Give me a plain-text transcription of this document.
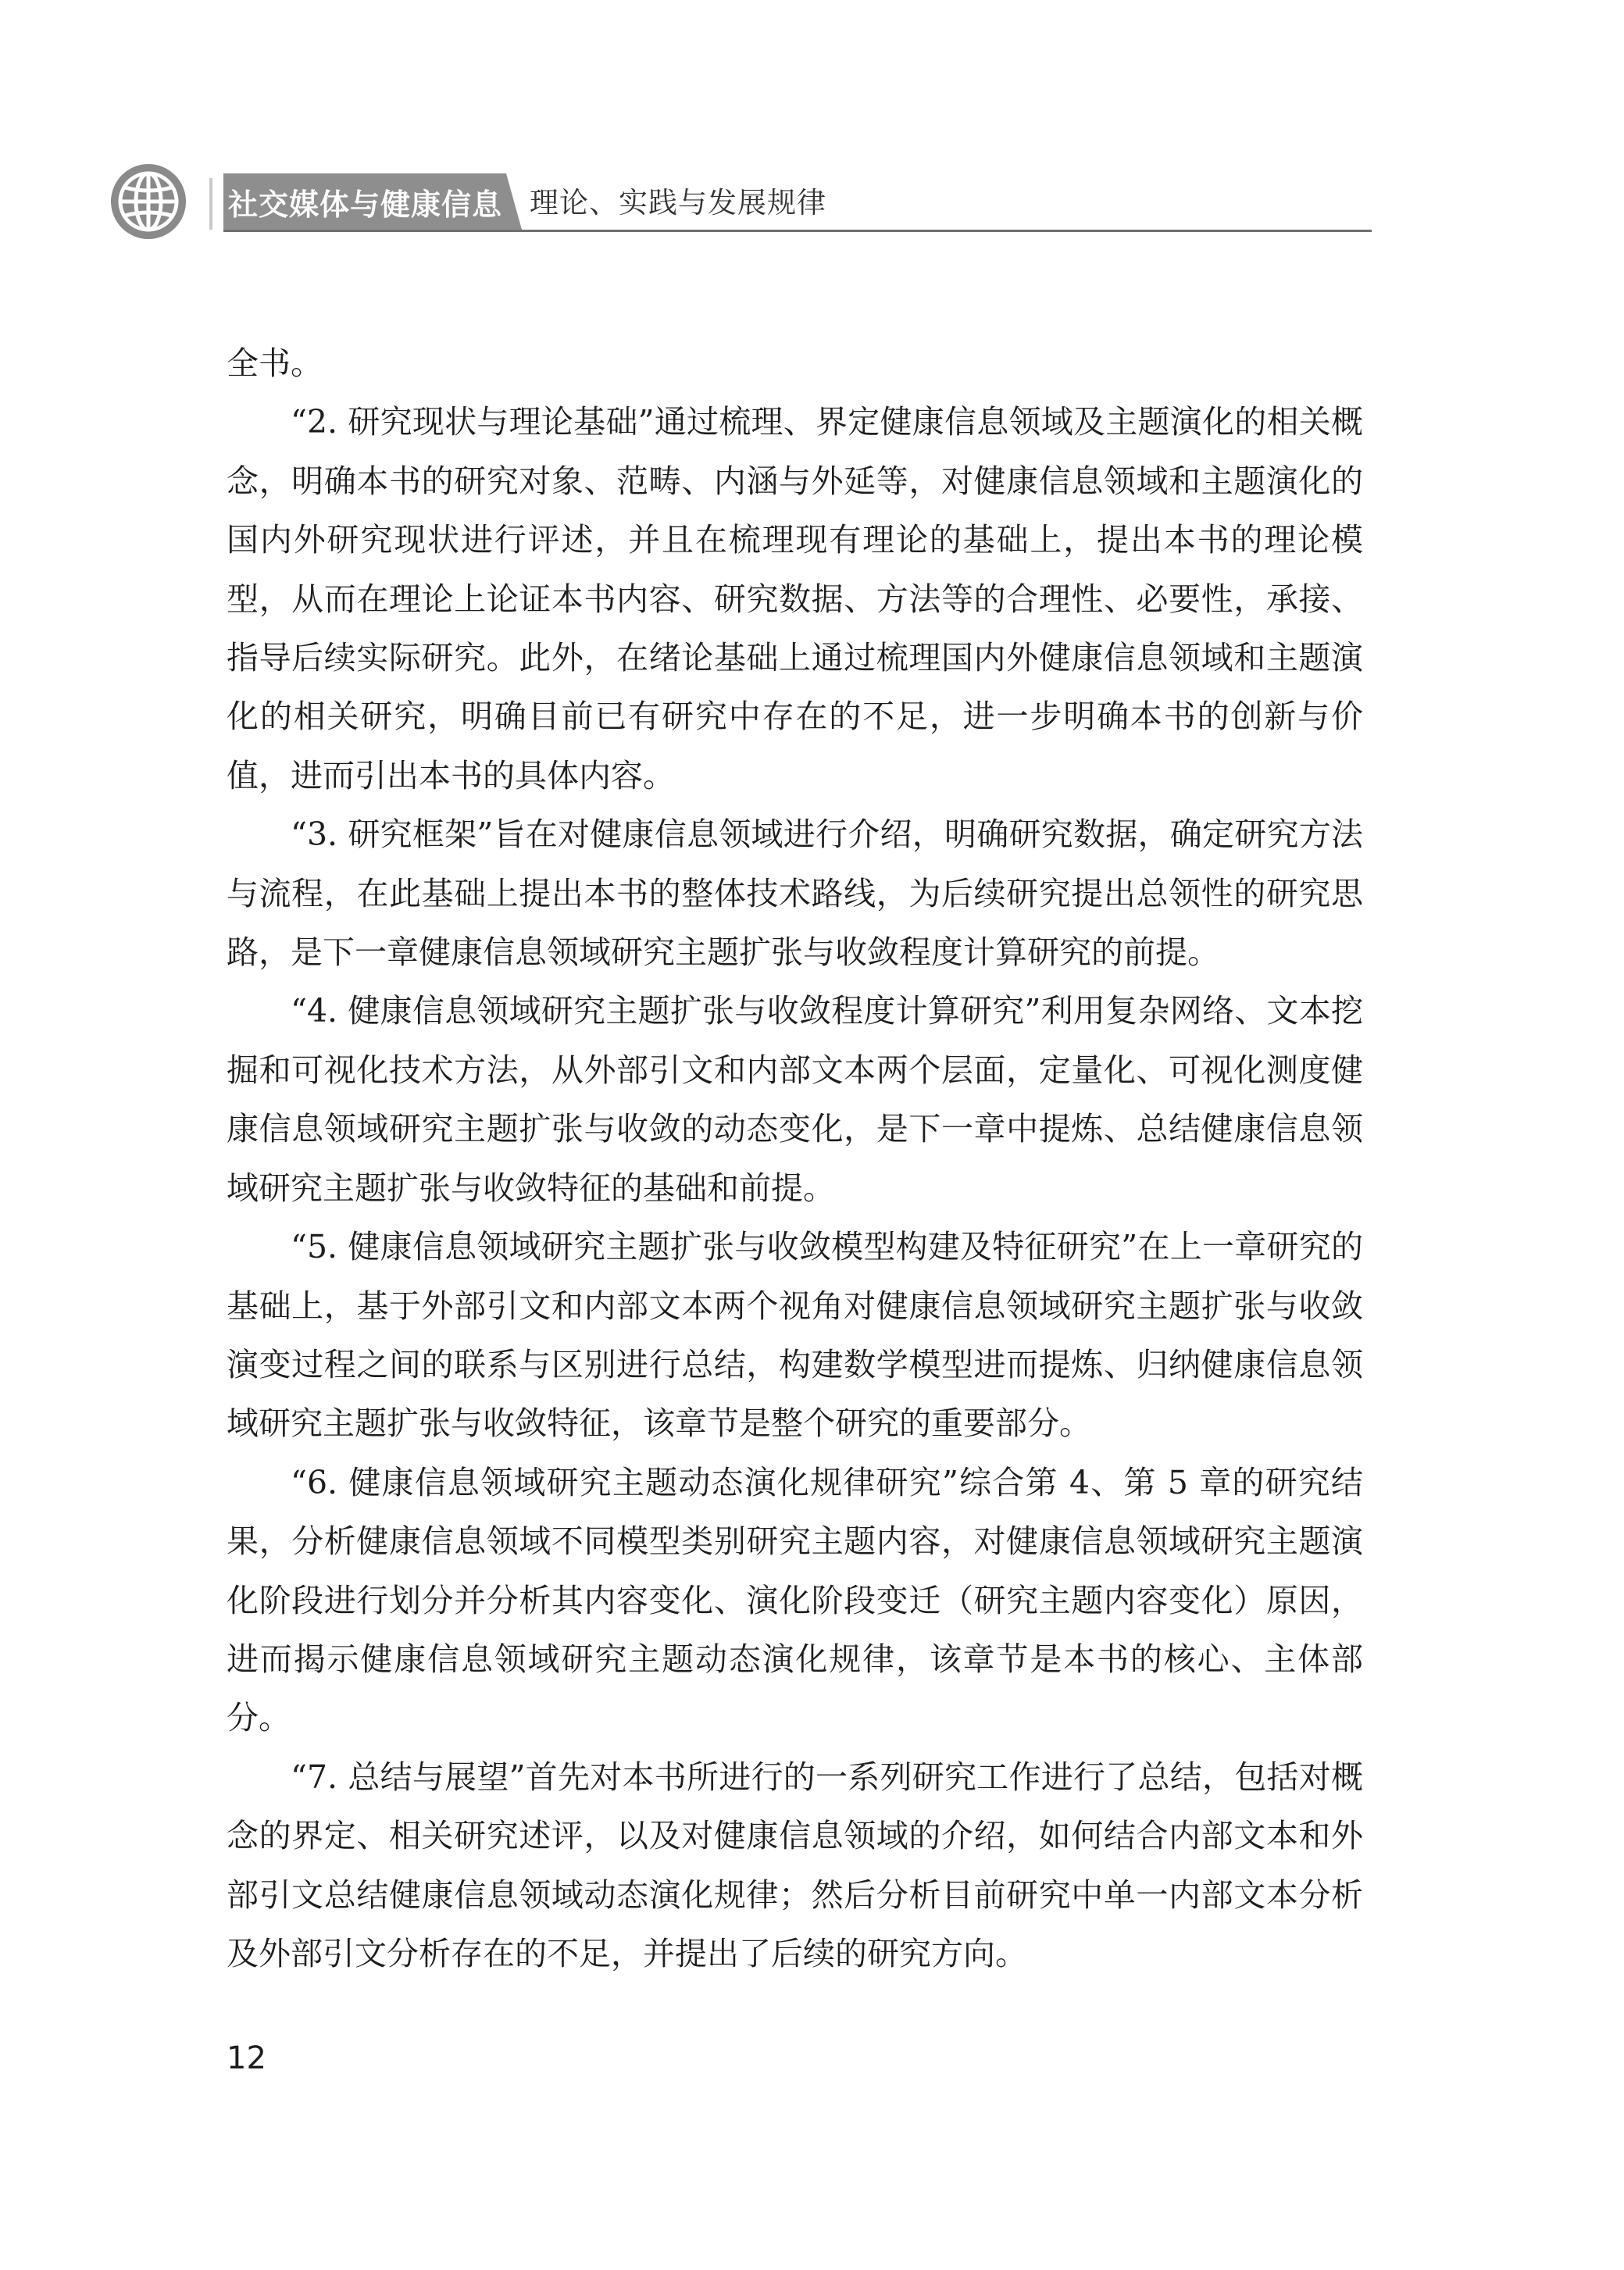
社交媒体与健康信息 理论、实践与发展规律

全书。

“2. 研究现状与理论基础”通过梳理、界定健康信息领域及主题演化的相关概念，明确本书的研究对象、范畴、内涵与外延等，对健康信息领域和主题演化的国内外研究现状进行评述，并且在梳理现有理论的基础上，提出本书的理论模型，从而在理论上论证本书内容、研究数据、方法等的合理性、必要性，承接、指导后续实际研究。此外，在绪论基础上通过梳理国内外健康信息领域和主题演化的相关研究，明确目前已有研究中存在的不足，进一步明确本书的创新与价值，进而引出本书的具体内容。

“3. 研究框架”旨在对健康信息领域进行介绍，明确研究数据，确定研究方法与流程，在此基础上提出本书的整体技术路线，为后续研究提出总领性的研究思路，是下一章健康信息领域研究主题扩张与收敛程度计算研究的前提。

“4. 健康信息领域研究主题扩张与收敛程度计算研究”利用复杂网络、文本挖掘和可视化技术方法，从外部引文和内部文本两个层面，定量化、可视化测度健康信息领域研究主题扩张与收敛的动态变化，是下一章中提炼、总结健康信息领域研究主题扩张与收敛特征的基础和前提。

“5. 健康信息领域研究主题扩张与收敛模型构建及特征研究”在上一章研究的基础上，基于外部引文和内部文本两个视角对健康信息领域研究主题扩张与收敛演变过程之间的联系与区别进行总结，构建数学模型进而提炼、归纳健康信息领域研究主题扩张与收敛特征，该章节是整个研究的重要部分。

“6. 健康信息领域研究主题动态演化规律研究”综合第 4、第 5 章的研究结果，分析健康信息领域不同模型类别研究主题内容，对健康信息领域研究主题演化阶段进行划分并分析其内容变化、演化阶段变迁（研究主题内容变化）原因，进而揭示健康信息领域研究主题动态演化规律，该章节是本书的核心、主体部分。

“7. 总结与展望”首先对本书所进行的一系列研究工作进行了总结，包括对概念的界定、相关研究述评，以及对健康信息领域的介绍，如何结合内部文本和外部引文总结健康信息领域动态演化规律；然后分析目前研究中单一内部文本分析及外部引文分析存在的不足，并提出了后续的研究方向。

12
